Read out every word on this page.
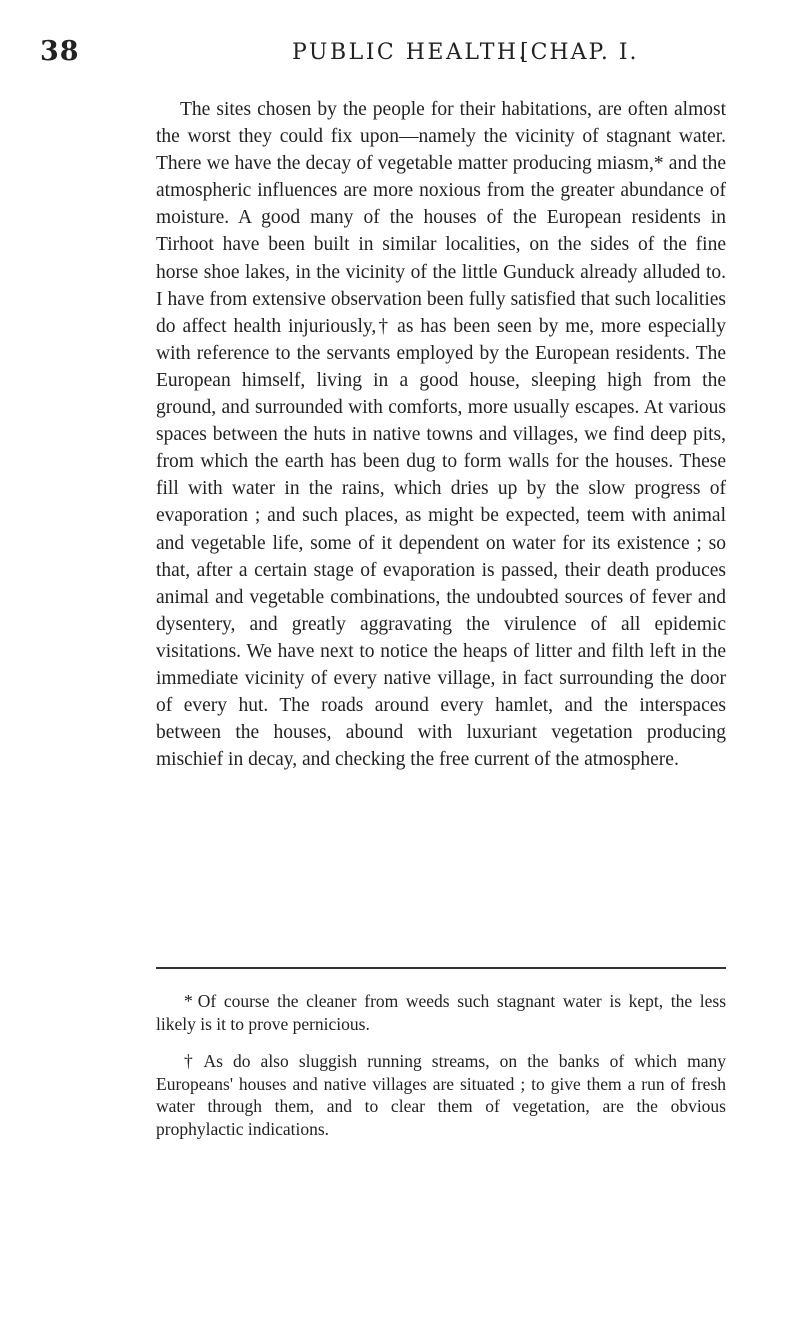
38	PUBLIC HEALTH.
[CHAP. I.

The sites chosen by the people for their habitations, are often almost the worst they could fix upon—namely the vicinity of stagnant water. There we have the decay of vegetable matter producing miasm,* and the atmospheric influences are more noxious from the greater abundance of moisture. A good many of the houses of the European residents in Tirhoot have been built in similar localities, on the sides of the fine horse shoe lakes, in the vicinity of the little Gunduck already alluded to. I have from extensive observation been fully satisfied that such localities do affect health injuriously,† as has been seen by me, more especially with reference to the servants employed by the European residents. The European himself, living in a good house, sleeping high from the ground, and surrounded with comforts, more usually escapes. At various spaces between the huts in native towns and villages, we find deep pits, from which the earth has been dug to form walls for the houses. These fill with water in the rains, which dries up by the slow progress of evaporation ; and such places, as might be expected, teem with animal and vegetable life, some of it dependent on water for its existence ; so that, after a certain stage of evaporation is passed, their death produces animal and vegetable combinations, the undoubted sources of fever and dysentery, and greatly aggravating the virulence of all epidemic visitations. We have next to notice the heaps of litter and filth left in the immediate vicinity of every native village, in fact surrounding the door of every hut. The roads around every hamlet, and the interspaces between the houses, abound with luxuriant vegetation producing mischief in decay, and checking the free current of the atmosphere.

* Of course the cleaner from weeds such stagnant water is kept, the less likely is it to prove pernicious.

† As do also sluggish running streams, on the banks of which many Europeans' houses and native villages are situated ; to give them a run of fresh water through them, and to clear them of vegetation, are the obvious prophylactic indications.
